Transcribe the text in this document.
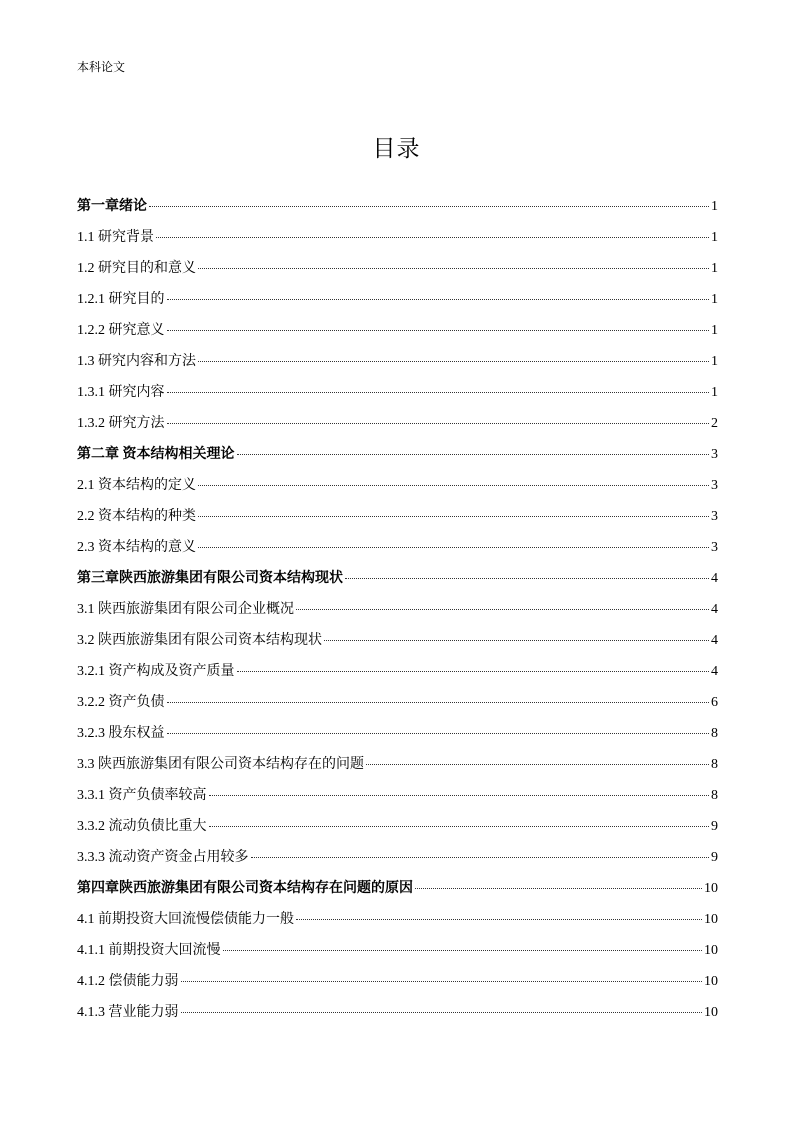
本科论文
目录
第一章绪论	1
1.1 研究背景	1
1.2 研究目的和意义	1
1.2.1 研究目的	1
1.2.2 研究意义	1
1.3 研究内容和方法	1
1.3.1 研究内容	1
1.3.2 研究方法	2
第二章 资本结构相关理论	3
2.1 资本结构的定义	3
2.2 资本结构的种类	3
2.3 资本结构的意义	3
第三章陕西旅游集团有限公司资本结构现状	4
3.1 陕西旅游集团有限公司企业概况	4
3.2 陕西旅游集团有限公司资本结构现状	4
3.2.1 资产构成及资产质量	4
3.2.2 资产负债	6
3.2.3 股东权益	8
3.3 陕西旅游集团有限公司资本结构存在的问题	8
3.3.1 资产负债率较高	8
3.3.2 流动负债比重大	9
3.3.3 流动资产资金占用较多	9
第四章陕西旅游集团有限公司资本结构存在问题的原因	10
4.1 前期投资大回流慢偿债能力一般	10
4.1.1 前期投资大回流慢	10
4.1.2 偿债能力弱	10
4.1.3 营业能力弱	10
